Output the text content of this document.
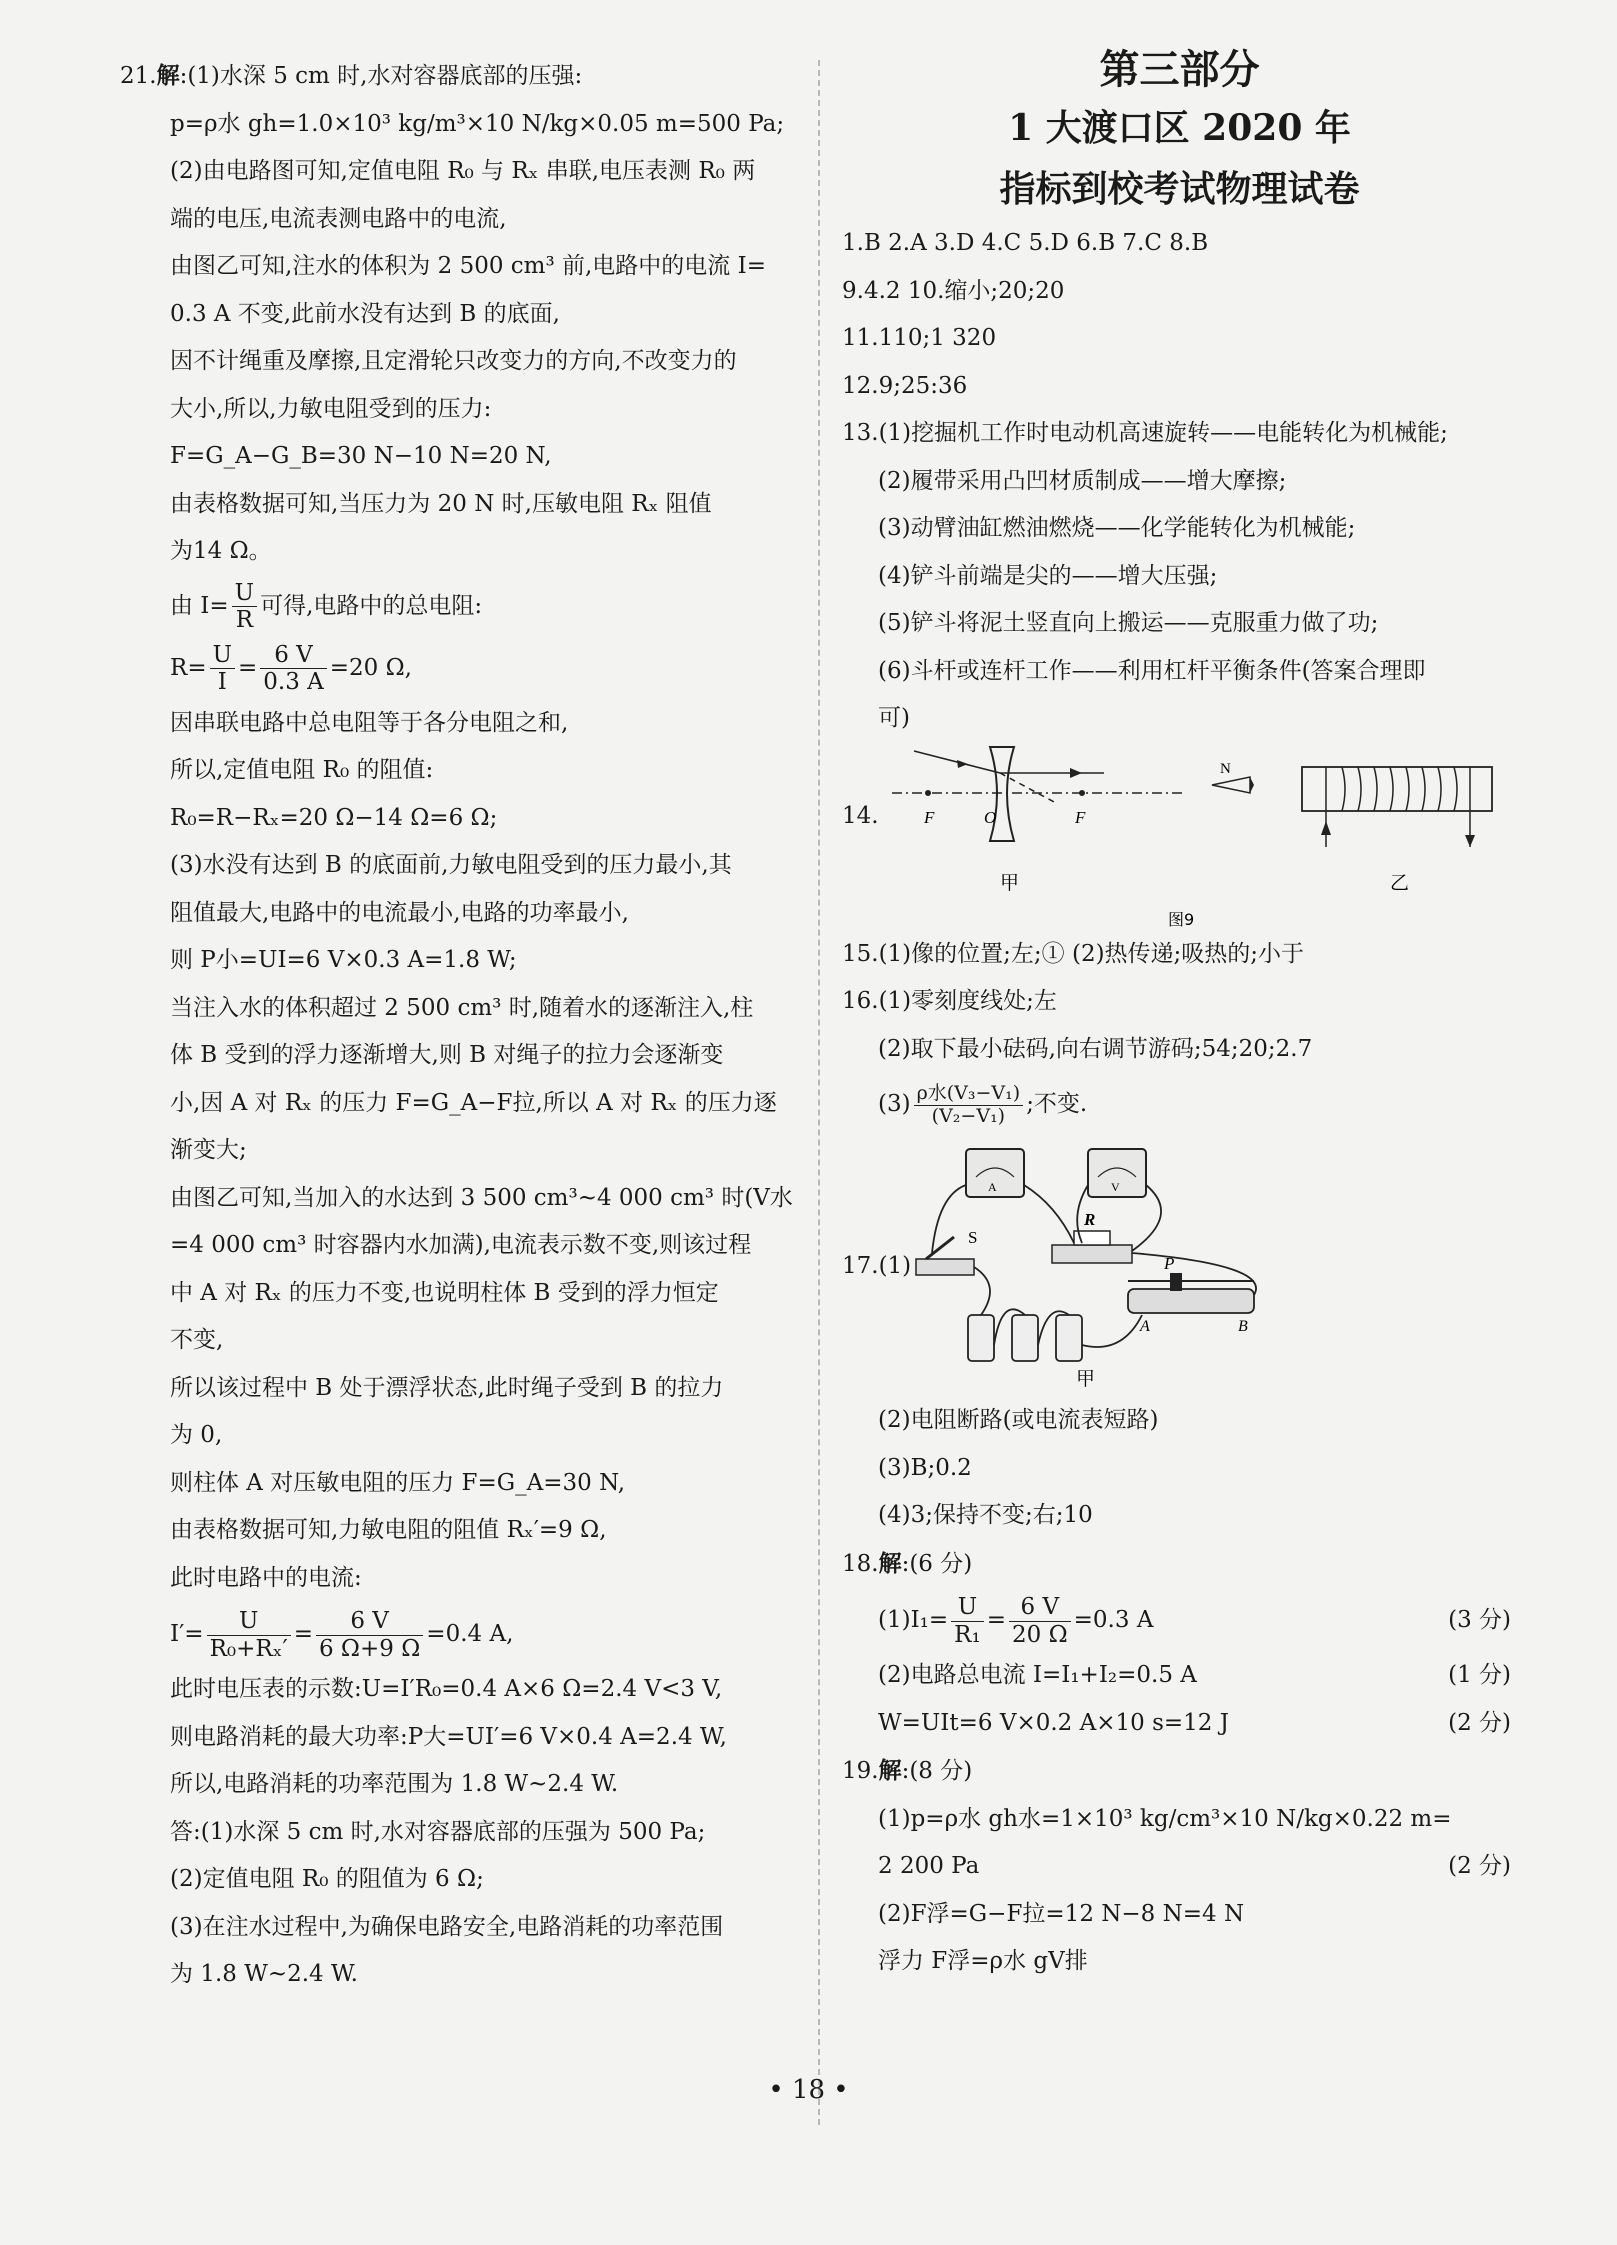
21.解:(1)水深 5 cm 时,水对容器底部的压强:
p=ρ水 gh=1.0×10³ kg/m³×10 N/kg×0.05 m=500 Pa;
(2)由电路图可知,定值电阻 R₀ 与 Rₓ 串联,电压表测 R₀ 两
端的电压,电流表测电路中的电流,
由图乙可知,注水的体积为 2 500 cm³ 前,电路中的电流 I=
0.3 A 不变,此前水没有达到 B 的底面,
因不计绳重及摩擦,且定滑轮只改变力的方向,不改变力的
大小,所以,力敏电阻受到的压力:
F=G_A−G_B=30 N−10 N=20 N,
由表格数据可知,当压力为 20 N 时,压敏电阻 Rₓ 阻值
为14 Ω。
由 $I= \frac{U}{R}$ 可得,电路中的总电阻:
$R= \frac{U}{I} = \frac{6 V}{0.3 A} =20$ Ω,
因串联电路中总电阻等于各分电阻之和,
所以,定值电阻 R₀ 的阻值:
R₀=R−Rₓ=20 Ω−14 Ω=6 Ω;
(3)水没有达到 B 的底面前,力敏电阻受到的压力最小,其
阻值最大,电路中的电流最小,电路的功率最小,
则 P小=UI=6 V×0.3 A=1.8 W;
当注入水的体积超过 2 500 cm³ 时,随着水的逐渐注入,柱
体 B 受到的浮力逐渐增大,则 B 对绳子的拉力会逐渐变
小,因 A 对 Rₓ 的压力 F=G_A−F拉,所以 A 对 Rₓ 的压力逐
渐变大;
由图乙可知,当加入的水达到 3 500 cm³~4 000 cm³ 时(V水
=4 000 cm³ 时容器内水加满),电流表示数不变,则该过程
中 A 对 Rₓ 的压力不变,也说明柱体 B 受到的浮力恒定
不变,
所以该过程中 B 处于漂浮状态,此时绳子受到 B 的拉力
为 0,
则柱体 A 对压敏电阻的压力 F=G_A=30 N,
由表格数据可知,力敏电阻的阻值 Rₓ′=9 Ω,
此时电路中的电流:
$I'= \frac{U}{\text{R₀+Rₓ′}} = \frac{6 V}{6 \Omega+9 \Omega} =0.4$ A,
此时电压表的示数:U=I′R₀=0.4 A×6 Ω=2.4 V<3 V,
则电路消耗的最大功率:P大=UI′=6 V×0.4 A=2.4 W,
所以,电路消耗的功率范围为 1.8 W~2.4 W.
答:(1)水深 5 cm 时,水对容器底部的压强为 500 Pa;
(2)定值电阻 R₀ 的阻值为 6 Ω;
(3)在注水过程中,为确保电路安全,电路消耗的功率范围
为 1.8 W~2.4 W.
第三部分
1 大渡口区 2020 年
指标到校考试物理试卷
1.B 2.A 3.D 4.C 5.D 6.B 7.C 8.B
9.4.2 10.缩小;20;20
11.110;1 320
12.9;25:36
13.(1)挖掘机工作时电动机高速旋转——电能转化为机械能;
(2)履带采用凸凹材质制成——增大摩擦;
(3)动臂油缸燃油燃烧——化学能转化为机械能;
(4)铲斗前端是尖的——增大压强;
(5)铲斗将泥土竖直向上搬运——克服重力做了功;
(6)斗杆或连杆工作——利用杠杆平衡条件(答案合理即
可)
14.	F	O	F
甲
N
乙
图9
15.(1)像的位置;左;① (2)热传递;吸热的;小于
16.(1)零刻度线处;左
(2)取下最小砝码,向右调节游码;54;20;2.7
$(3) \frac{\text{ρ水(V₃−V₁)}}{\text{(V₂−V₁)}}$ ;不变.
17.(1)
A	V
R
S
P
A	B
甲
(2)电阻断路(或电流表短路)
(3)B;0.2
(4)3;保持不变;右;10
18.解:(6 分)
$(1)I_1= \frac{U}{\text{R₁}} = \frac{6 V}{20 \Omega} =0.3$ A	(3 分)
(2)电路总电流 I=I₁+I₂=0.5 A	(1 分)
W=UIt=6 V×0.2 A×10 s=12 J	(2 分)
19.解:(8 分)
(1)p=ρ水 gh水=1×10³ kg/cm³×10 N/kg×0.22 m=
2 200 Pa	(2 分)
(2)F浮=G−F拉=12 N−8 N=4 N
浮力 F浮=ρ水 gV排
• 18 •
